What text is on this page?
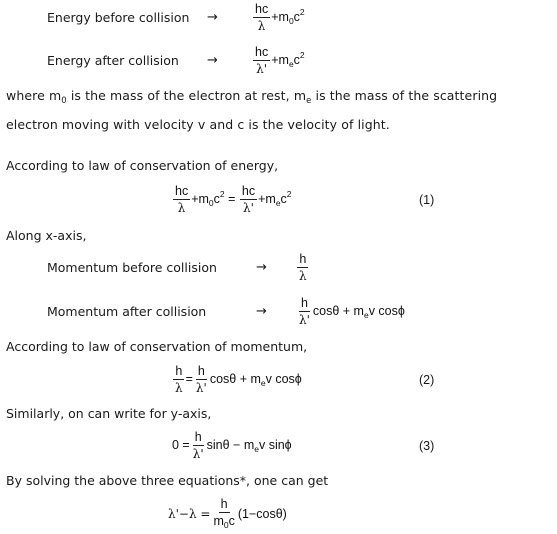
Energy before collision →	$\frac{hc}{\lambda} +m_0c^2$
Energy after collision →	$\frac{hc}{\lambda'} +m_ec^2$
where $m_0$ is the mass of the electron at rest, $m_e$ is the mass of the scattering electron moving with velocity v and c is the velocity of light.
According to law of conservation of energy,
$\frac{hc}{\lambda} +m_0c^2 = \frac{hc}{\lambda'} +m_ec^2$	(1)
Along x-axis,
Momentum before collision	→ $\frac{h}{\lambda}$
Momentum after collision	→ $\frac{h}{\lambda'}$ $\cos\theta + m_ev$ cosϕ
According to law of conservation of momentum,
$\frac{h}{\lambda} = \frac{h}{\lambda'}$ $\cos\theta + m_ev$ cosϕ	(2)
Similarly, on can write for y-axis,
$0 = \frac{h}{\lambda'}$ $\sin\theta - m_ev$ sinϕ	(3)
By solving the above three equations*, one can get
$\lambda'-\lambda = \frac{h}{m_0c} (1-\cos\theta)$
